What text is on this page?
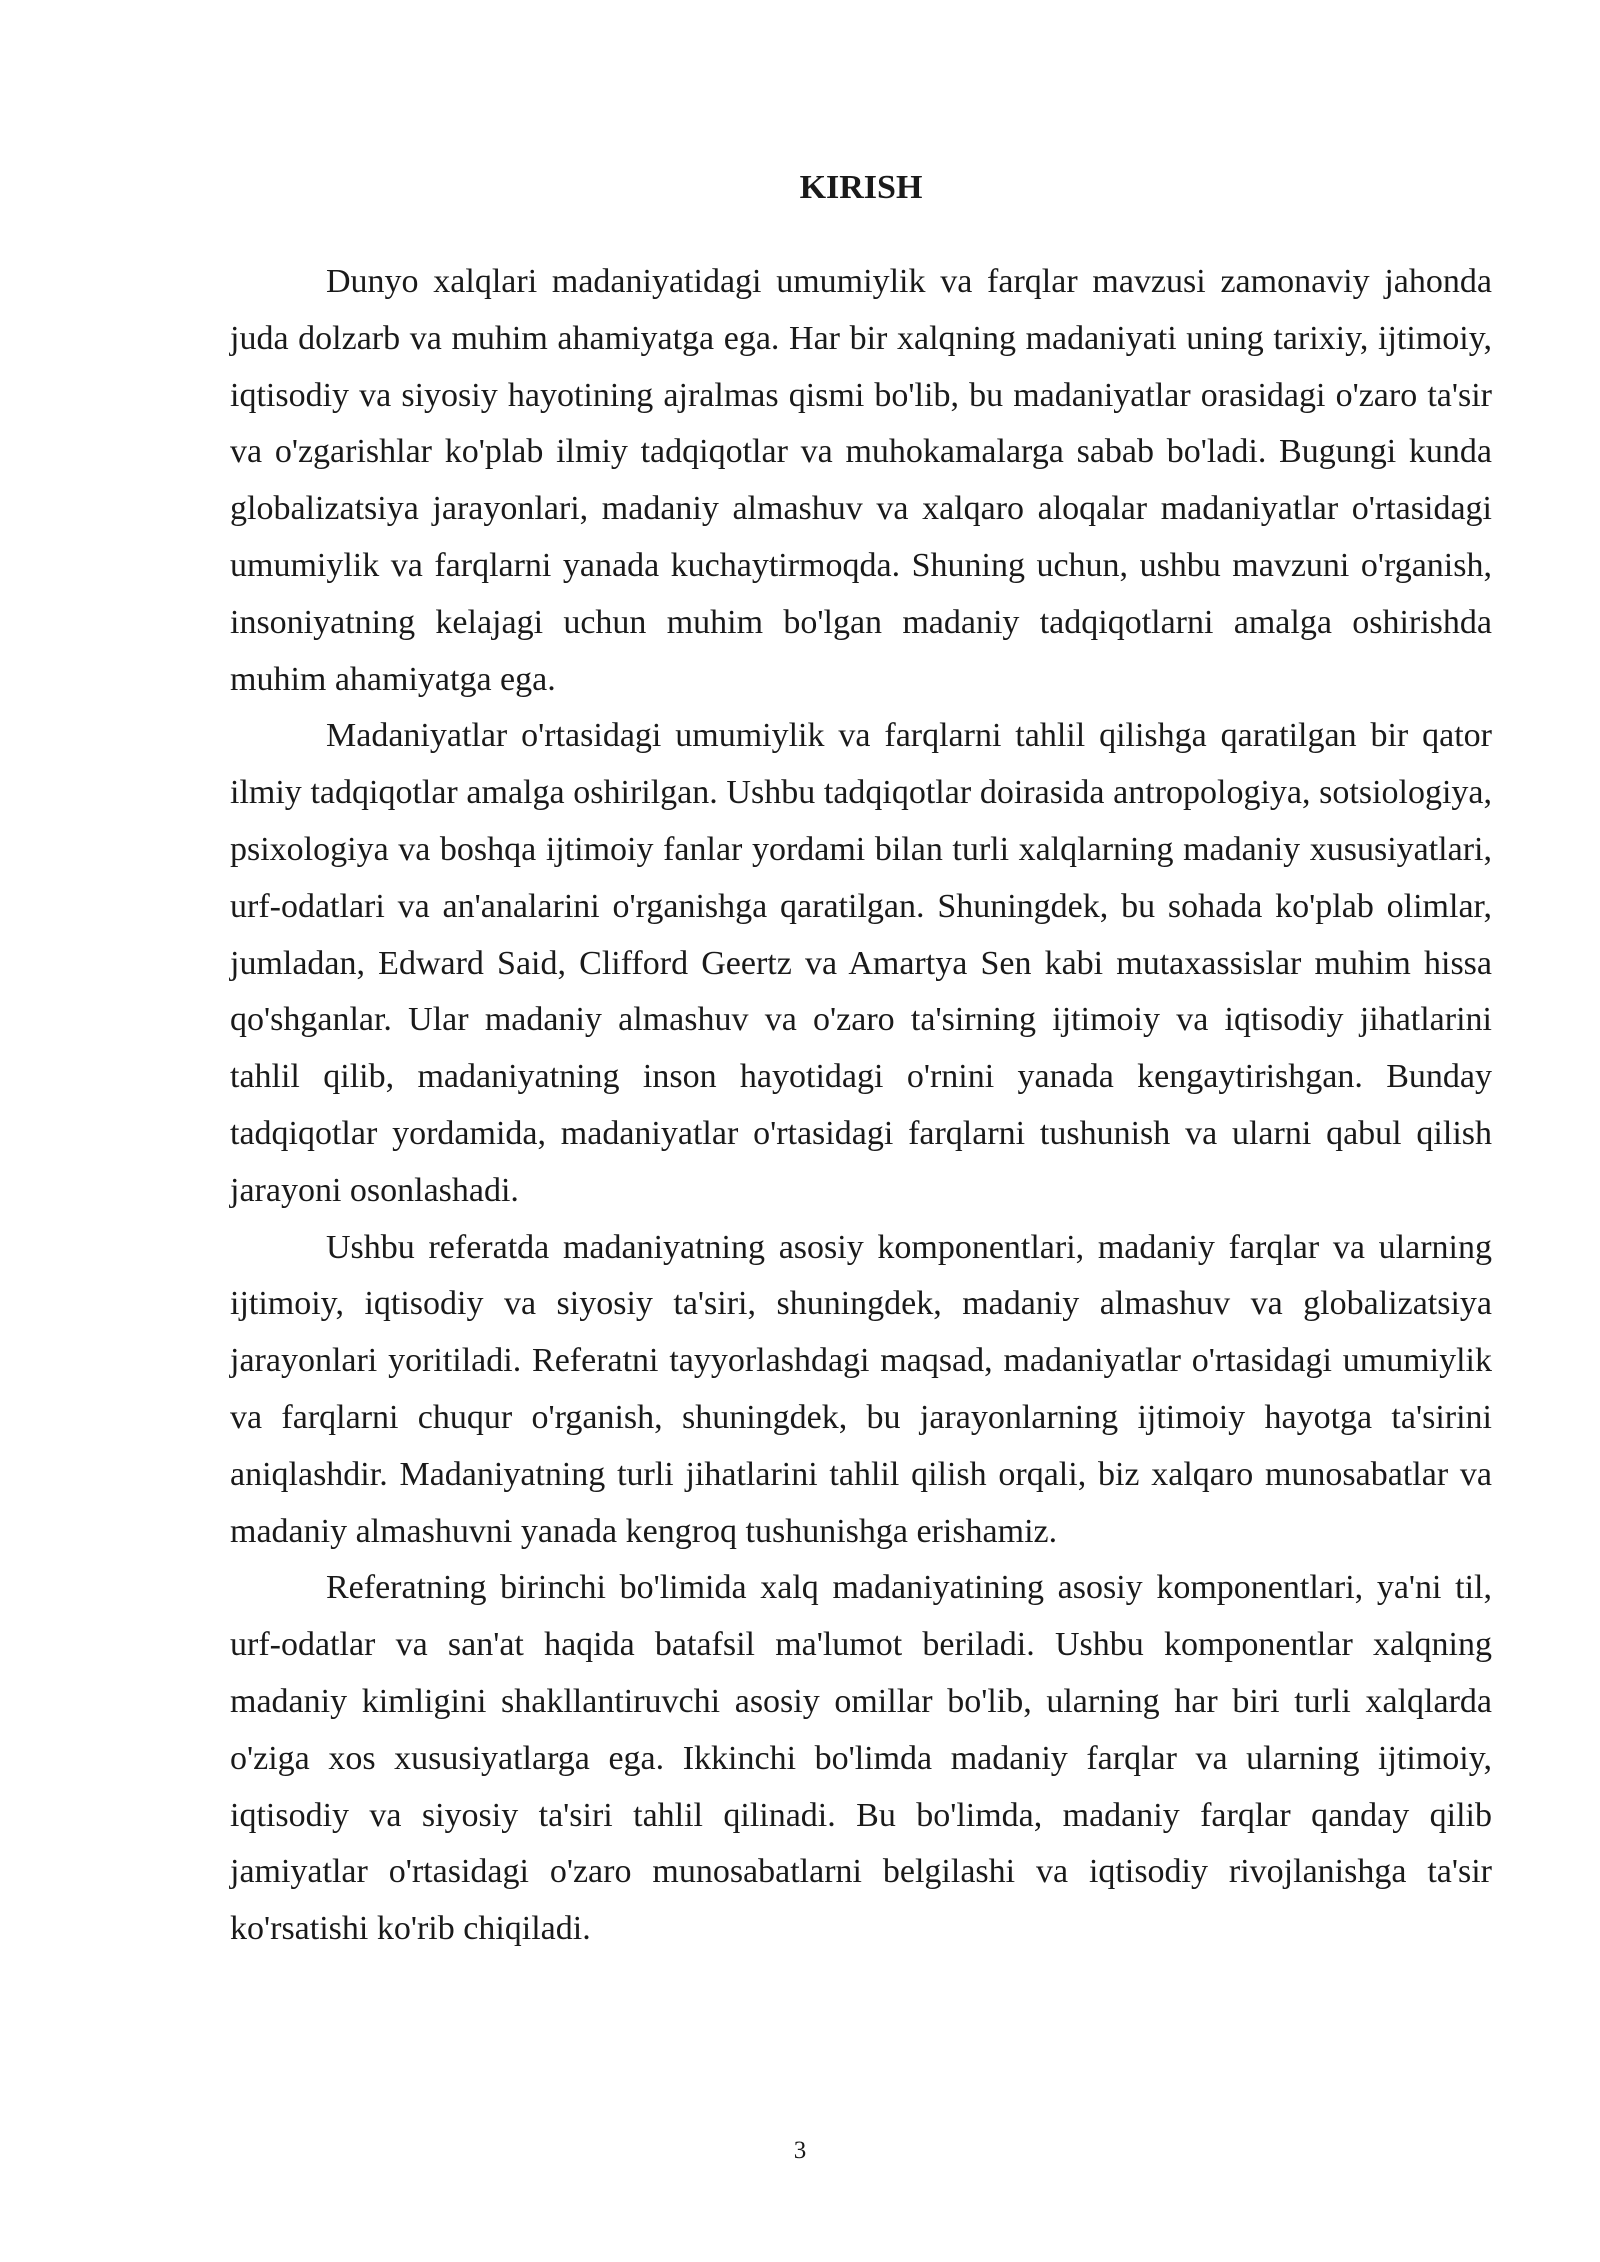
KIRISH

Dunyo xalqlari madaniyatidagi umumiylik va farqlar mavzusi zamonaviy jahonda juda dolzarb va muhim ahamiyatga ega. Har bir xalqning madaniyati uning tarixiy, ijtimoiy, iqtisodiy va siyosiy hayotining ajralmas qismi bo'lib, bu madaniyatlar orasidagi o'zaro ta'sir va o'zgarishlar ko'plab ilmiy tadqiqotlar va muhokamalarga sabab bo'ladi. Bugungi kunda globalizatsiya jarayonlari, madaniy almashuv va xalqaro aloqalar madaniyatlar o'rtasidagi umumiylik va farqlarni yanada kuchaytirmoqda. Shuning uchun, ushbu mavzuni o'rganish, insoniyatning kelajagi uchun muhim bo'lgan madaniy tadqiqotlarni amalga oshirishda muhim ahamiyatga ega.

Madaniyatlar o'rtasidagi umumiylik va farqlarni tahlil qilishga qaratilgan bir qator ilmiy tadqiqotlar amalga oshirilgan. Ushbu tadqiqotlar doirasida antropologiya, sotsiologiya, psixologiya va boshqa ijtimoiy fanlar yordami bilan turli xalqlarning madaniy xususiyatlari, urf-odatlari va an'analarini o'rganishga qaratilgan. Shuningdek, bu sohada ko'plab olimlar, jumladan, Edward Said, Clifford Geertz va Amartya Sen kabi mutaxassislar muhim hissa qo'shganlar. Ular madaniy almashuv va o'zaro ta'sirning ijtimoiy va iqtisodiy jihatlarini tahlil qilib, madaniyatning inson hayotidagi o'rnini yanada kengaytirishgan. Bunday tadqiqotlar yordamida, madaniyatlar o'rtasidagi farqlarni tushunish va ularni qabul qilish jarayoni osonlashadi.

Ushbu referatda madaniyatning asosiy komponentlari, madaniy farqlar va ularning ijtimoiy, iqtisodiy va siyosiy ta'siri, shuningdek, madaniy almashuv va globalizatsiya jarayonlari yoritiladi. Referatni tayyorlashdagi maqsad, madaniyatlar o'rtasidagi umumiylik va farqlarni chuqur o'rganish, shuningdek, bu jarayonlarning ijtimoiy hayotga ta'sirini aniqlashdir. Madaniyatning turli jihatlarini tahlil qilish orqali, biz xalqaro munosabatlar va madaniy almashuvni yanada kengroq tushunishga erishamiz.

Referatning birinchi bo'limida xalq madaniyatining asosiy komponentlari, ya'ni til, urf-odatlar va san'at haqida batafsil ma'lumot beriladi. Ushbu komponentlar xalqning madaniy kimligini shakllantiruvchi asosiy omillar bo'lib, ularning har biri turli xalqlarda o'ziga xos xususiyatlarga ega. Ikkinchi bo'limda madaniy farqlar va ularning ijtimoiy, iqtisodiy va siyosiy ta'siri tahlil qilinadi. Bu bo'limda, madaniy farqlar qanday qilib jamiyatlar o'rtasidagi o'zaro munosabatlarni belgilashi va iqtisodiy rivojlanishga ta'sir ko'rsatishi ko'rib chiqiladi.

3
